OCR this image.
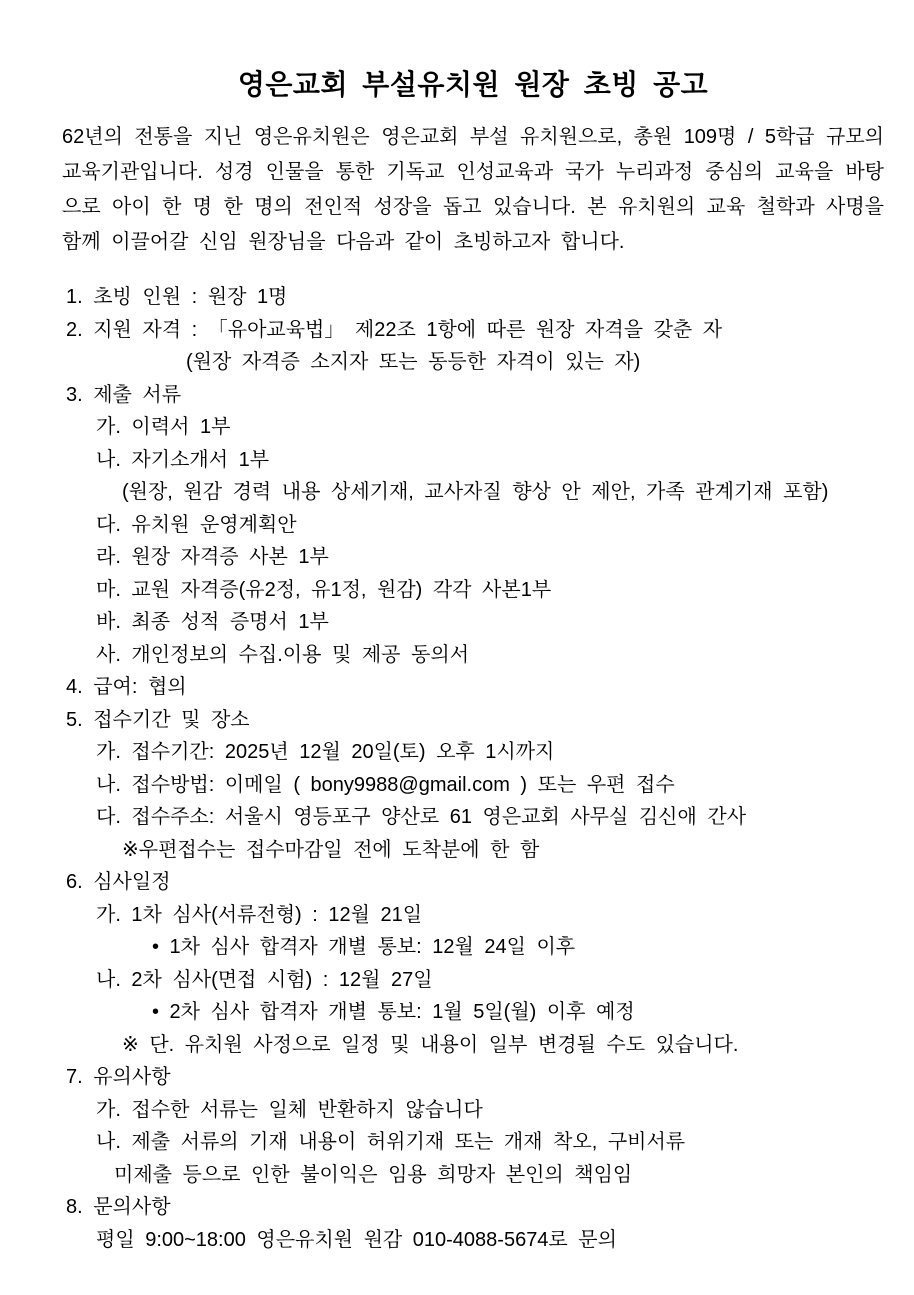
영은교회 부설유치원 원장 초빙 공고

62년의 전통을 지닌 영은유치원은 영은교회 부설 유치원으로, 총원 109명 / 5학급 규모의 교육기관입니다. 성경 인물을 통한 기독교 인성교육과 국가 누리과정 중심의 교육을 바탕으로 아이 한 명 한 명의 전인적 성장을 돕고 있습니다. 본 유치원의 교육 철학과 사명을 함께 이끌어갈 신임 원장님을 다음과 같이 초빙하고자 합니다.

1. 초빙 인원 : 원장 1명
2. 지원 자격 : 「유아교육법」 제22조 1항에 따른 원장 자격을 갖춘 자
(원장 자격증 소지자 또는 동등한 자격이 있는 자)
3. 제출 서류
가. 이력서 1부
나. 자기소개서 1부
(원장, 원감 경력 내용 상세기재, 교사자질 향상 안 제안, 가족 관계기재 포함)
다. 유치원 운영계획안
라. 원장 자격증 사본 1부
마. 교원 자격증(유2정, 유1정, 원감) 각각 사본1부
바. 최종 성적 증명서 1부
사. 개인정보의 수집.이용 및 제공 동의서
4. 급여: 협의
5. 접수기간 및 장소
가. 접수기간: 2025년 12월 20일(토) 오후 1시까지
나. 접수방법: 이메일 ( bony9988@gmail.com ) 또는 우편 접수
다. 접수주소: 서울시 영등포구 양산로 61 영은교회 사무실 김신애 간사
※우편접수는 접수마감일 전에 도착분에 한 함
6. 심사일정
가. 1차 심사(서류전형) : 12월 21일
• 1차 심사 합격자 개별 통보: 12월 24일 이후
나. 2차 심사(면접 시험) : 12월 27일
• 2차 심사 합격자 개별 통보: 1월 5일(월) 이후 예정
※ 단. 유치원 사정으로 일정 및 내용이 일부 변경될 수도 있습니다.
7. 유의사항
가. 접수한 서류는 일체 반환하지 않습니다
나. 제출 서류의 기재 내용이 허위기재 또는 개재 착오, 구비서류
미제출 등으로 인한 불이익은 임용 희망자 본인의 책임임
8. 문의사항
평일 9:00~18:00 영은유치원 원감 010-4088-5674로 문의
